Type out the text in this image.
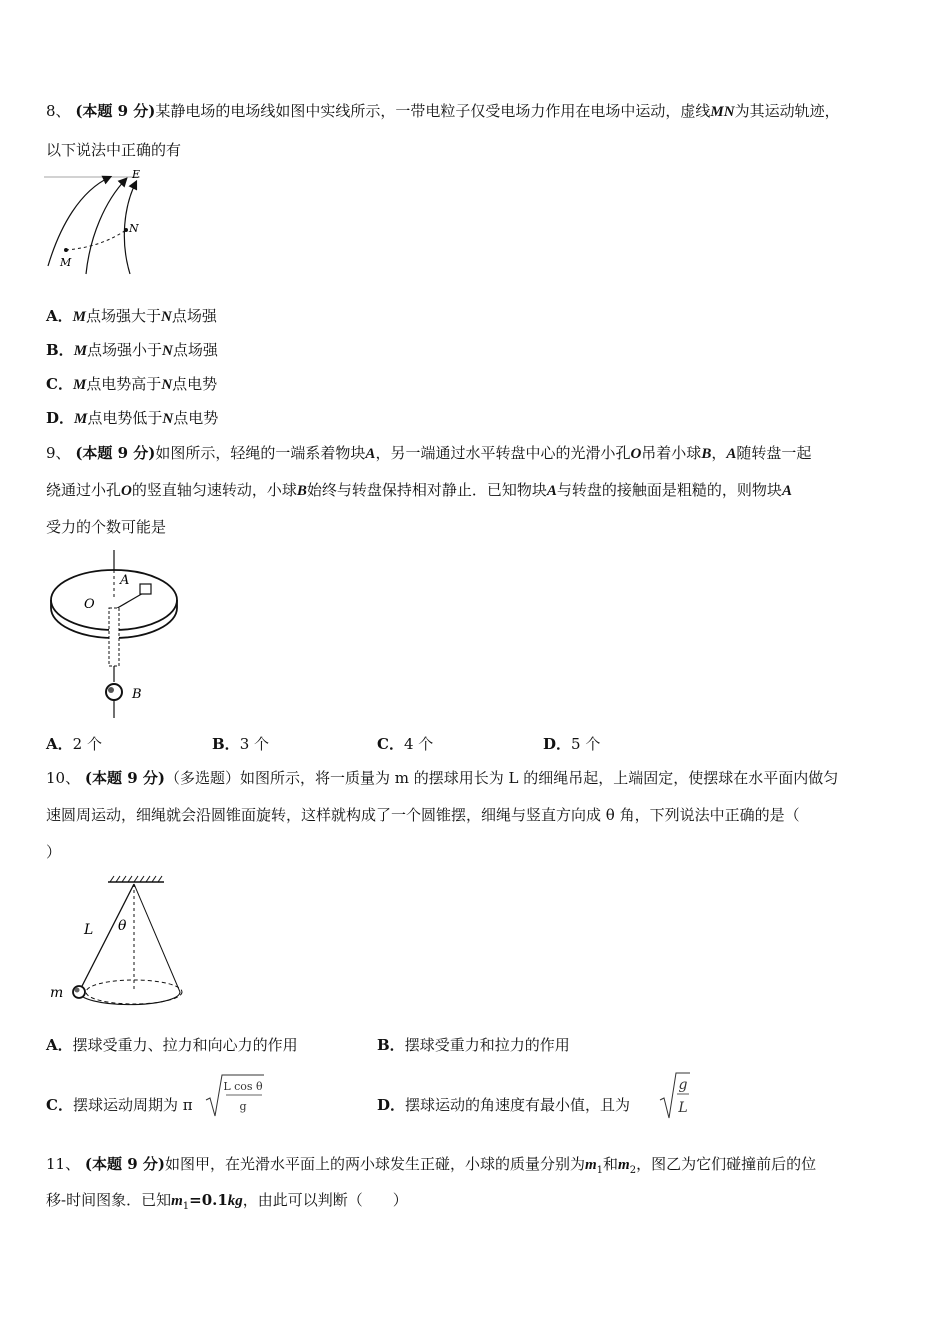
8、 (本题 9 分)某静电场的电场线如图中实线所示，一带电粒子仅受电场力作用在电场中运动，虚线MN为其运动轨迹，
以下说法中正确的有
E
N
M
A．M点场强大于N点场强
B．M点场强小于N点场强
C．M点电势高于N点电势
D．M点电势低于N点电势
9、 (本题 9 分)如图所示，轻绳的一端系着物块A，另一端通过水平转盘中心的光滑小孔O吊着小球B，A随转盘一起
绕通过小孔O的竖直轴匀速转动，小球B始终与转盘保持相对静止．已知物块A与转盘的接触面是粗糙的，则物块A
受力的个数可能是
A
O
B
A．2 个	B．3 个	C．4 个	D．5 个
10、 (本题 9 分)（多选题）如图所示，将一质量为 m 的摆球用长为 L 的细绳吊起，上端固定，使摆球在水平面内做匀
速圆周运动，细绳就会沿圆锥面旋转，这样就构成了一个圆锥摆，细绳与竖直方向成 θ 角，下列说法中正确的是（
）
L θ
m
A．摆球受重力、拉力和向心力的作用	B．摆球受重力和拉力的作用
C．摆球运动周期为 π
L cos θ
g	D．摆球运动的角速度有最小值，且为
g
L
11、 (本题 9 分)如图甲，在光滑水平面上的两小球发生正碰，小球的质量分别为$m_1$和$m_2$，图乙为它们碰撞前后的位
移-时间图象．已知$m_1=0.1kg$，由此可以判断（　　）
